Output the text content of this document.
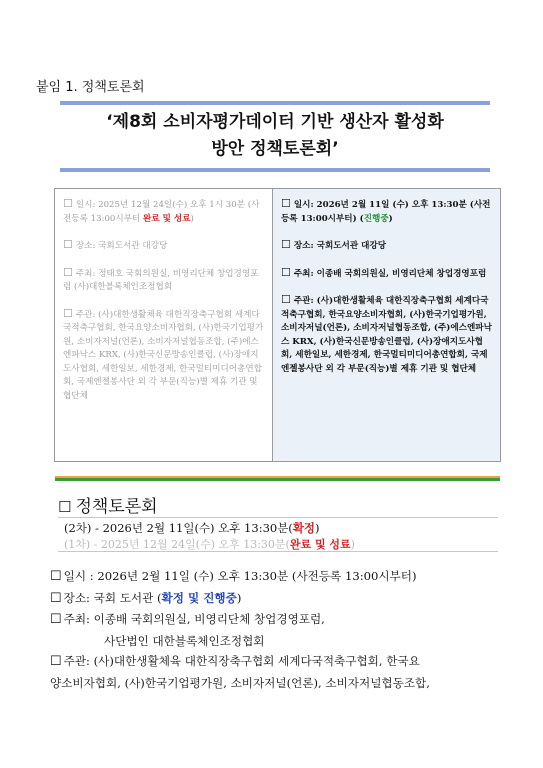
붙임 1. 정책토론회
‘제8회 소비자평가데이터 기반 생산자 활성화
방안 정책토론회’

☐ 일시: 2025년 12월 24일(수) 오후 1시 30분 (사전등록 13:00시부터 완료 및 성료)

☐ 장소: 국회도서관 대강당

☐ 주최: 정태호 국회의원실, 비영리단체 창업경영포럼 (사)대한블록체인조정협회

☐ 주관: (사)대한생활체육 대한직장축구협회 세계다국적축구협회, 한국요양소비자협회, (사)한국기업평가원, 소비자저널(언론), 소비자저널협동조합, (주)에스엔파낙스 KRX, (사)한국신문방송인클럽, (사)장애지도사협회, 세한일보, 세한경제, 한국멀티미디어총연합회, 국제엔젤봉사단 외 각 부문(직능)별 제휴 기관 및 협단체

☐ 일시: 2026년 2월 11일 (수) 오후 13:30분 (사전등록 13:00시부터) (진행중)

☐ 장소: 국회도서관 대강당

☐ 주최: 이종배 국회의원실, 비영리단체 창업경영포럼

☐ 주관: (사)대한생활체육 대한직장축구협회 세계다국적축구협회, 한국요양소비자협회, (사)한국기업평가원, 소비자저널(언론), 소비자저널협동조합, (주)에스엔파낙스 KRX, (사)한국신문방송인클럽, (사)장애지도사협회, 세한일보, 세한경제, 한국멀티미디어총연합회, 국제엔젤봉사단 외 각 부문(직능)별 제휴 기관 및 협단체

☐ 정책토론회
(2차) - 2026년 2월 11일(수) 오후 13:30분(확정)
(1차) - 2025년 12월 24일(수) 오후 13:30분(완료 및 성료)

☐ 일시 : 2026년 2월 11일 (수) 오후 13:30분 (사전등록 13:00시부터)

☐ 장소: 국회 도서관 (확정 및 진행중)

☐ 주최: 이종배 국회의원실, 비영리단체 창업경영포럼,

사단법인 대한블록체인조정협회

☐ 주관: (사)대한생활체육 대한직장축구협회 세계다국적축구협회, 한국요

양소비자협회, (사)한국기업평가원, 소비자저널(언론), 소비자저널협동조합,
